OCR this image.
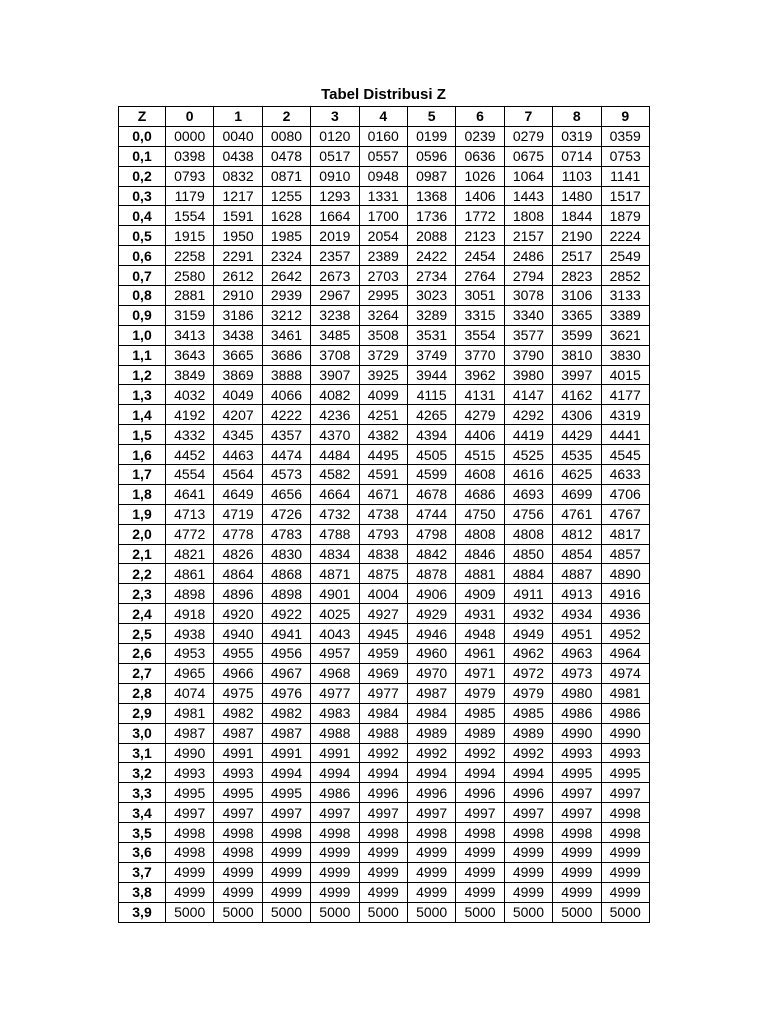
Tabel Distribusi Z
Z	0	1	2	3	4	5	6	7	8	9
0,0	0000	0040	0080	0120	0160	0199	0239	0279	0319	0359
0,1	0398	0438	0478	0517	0557	0596	0636	0675	0714	0753
0,2	0793	0832	0871	0910	0948	0987	1026	1064	1103	1141
0,3	1179	1217	1255	1293	1331	1368	1406	1443	1480	1517
0,4	1554	1591	1628	1664	1700	1736	1772	1808	1844	1879
0,5	1915	1950	1985	2019	2054	2088	2123	2157	2190	2224
0,6	2258	2291	2324	2357	2389	2422	2454	2486	2517	2549
0,7	2580	2612	2642	2673	2703	2734	2764	2794	2823	2852
0,8	2881	2910	2939	2967	2995	3023	3051	3078	3106	3133
0,9	3159	3186	3212	3238	3264	3289	3315	3340	3365	3389
1,0	3413	3438	3461	3485	3508	3531	3554	3577	3599	3621
1,1	3643	3665	3686	3708	3729	3749	3770	3790	3810	3830
1,2	3849	3869	3888	3907	3925	3944	3962	3980	3997	4015
1,3	4032	4049	4066	4082	4099	4115	4131	4147	4162	4177
1,4	4192	4207	4222	4236	4251	4265	4279	4292	4306	4319
1,5	4332	4345	4357	4370	4382	4394	4406	4419	4429	4441
1,6	4452	4463	4474	4484	4495	4505	4515	4525	4535	4545
1,7	4554	4564	4573	4582	4591	4599	4608	4616	4625	4633
1,8	4641	4649	4656	4664	4671	4678	4686	4693	4699	4706
1,9	4713	4719	4726	4732	4738	4744	4750	4756	4761	4767
2,0	4772	4778	4783	4788	4793	4798	4808	4808	4812	4817
2,1	4821	4826	4830	4834	4838	4842	4846	4850	4854	4857
2,2	4861	4864	4868	4871	4875	4878	4881	4884	4887	4890
2,3	4898	4896	4898	4901	4004	4906	4909	4911	4913	4916
2,4	4918	4920	4922	4025	4927	4929	4931	4932	4934	4936
2,5	4938	4940	4941	4043	4945	4946	4948	4949	4951	4952
2,6	4953	4955	4956	4957	4959	4960	4961	4962	4963	4964
2,7	4965	4966	4967	4968	4969	4970	4971	4972	4973	4974
2,8	4074	4975	4976	4977	4977	4987	4979	4979	4980	4981
2,9	4981	4982	4982	4983	4984	4984	4985	4985	4986	4986
3,0	4987	4987	4987	4988	4988	4989	4989	4989	4990	4990
3,1	4990	4991	4991	4991	4992	4992	4992	4992	4993	4993
3,2	4993	4993	4994	4994	4994	4994	4994	4994	4995	4995
3,3	4995	4995	4995	4986	4996	4996	4996	4996	4997	4997
3,4	4997	4997	4997	4997	4997	4997	4997	4997	4997	4998
3,5	4998	4998	4998	4998	4998	4998	4998	4998	4998	4998
3,6	4998	4998	4999	4999	4999	4999	4999	4999	4999	4999
3,7	4999	4999	4999	4999	4999	4999	4999	4999	4999	4999
3,8	4999	4999	4999	4999	4999	4999	4999	4999	4999	4999
3,9	5000	5000	5000	5000	5000	5000	5000	5000	5000	5000
